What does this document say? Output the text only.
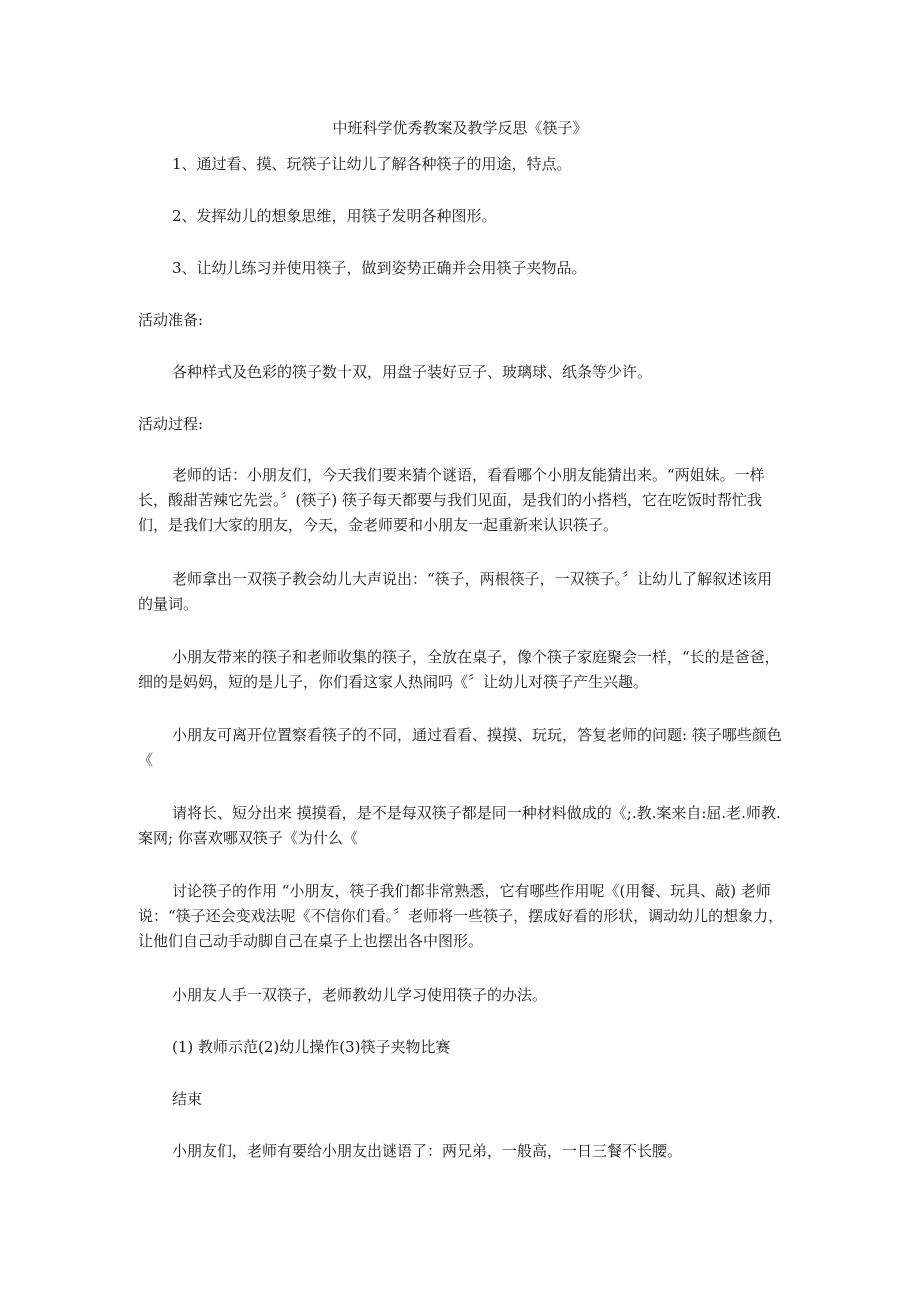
中班科学优秀教案及教学反思《筷子》

1、通过看、摸、玩筷子让幼儿了解各种筷子的用途，特点。

2、发挥幼儿的想象思维，用筷子发明各种图形。

3、让幼儿练习并使用筷子，做到姿势正确并会用筷子夹物品。

活动准备:

各种样式及色彩的筷子数十双，用盘子装好豆子、玻璃球、纸条等少许。

活动过程:

老师的话：小朋友们，今天我们要来猜个谜语，看看哪个小朋友能猜出来。“两姐妹。一样长，酸甜苦辣它先尝。〞(筷子) 筷子每天都要与我们见面，是我们的小搭档，它在吃饭时帮忙我们，是我们大家的朋友，今天，金老师要和小朋友一起重新来认识筷子。

老师拿出一双筷子教会幼儿大声说出：“筷子，两根筷子，一双筷子。〞让幼儿了解叙述该用的量词。

小朋友带来的筷子和老师收集的筷子，全放在桌子，像个筷子家庭聚会一样，“长的是爸爸，细的是妈妈，短的是儿子，你们看这家人热闹吗《〞让幼儿对筷子产生兴趣。

小朋友可离开位置察看筷子的不同，通过看看、摸摸、玩玩，答复老师的问题: 筷子哪些颜色《

请将长、短分出来 摸摸看，是不是每双筷子都是同一种材料做成的《;.教.案来自:屈.老.师教.案网; 你喜欢哪双筷子《为什么《

讨论筷子的作用 “小朋友，筷子我们都非常熟悉，它有哪些作用呢《(用餐、玩具、敲) 老师说：“筷子还会变戏法呢《不信你们看。〞老师将一些筷子，摆成好看的形状，调动幼儿的想象力，让他们自己动手动脚自己在桌子上也摆出各中图形。

小朋友人手一双筷子，老师教幼儿学习使用筷子的办法。

(1) 教师示范(2)幼儿操作(3)筷子夹物比赛

结束

小朋友们，老师有要给小朋友出谜语了：两兄弟，一般高，一日三餐不长腰。
